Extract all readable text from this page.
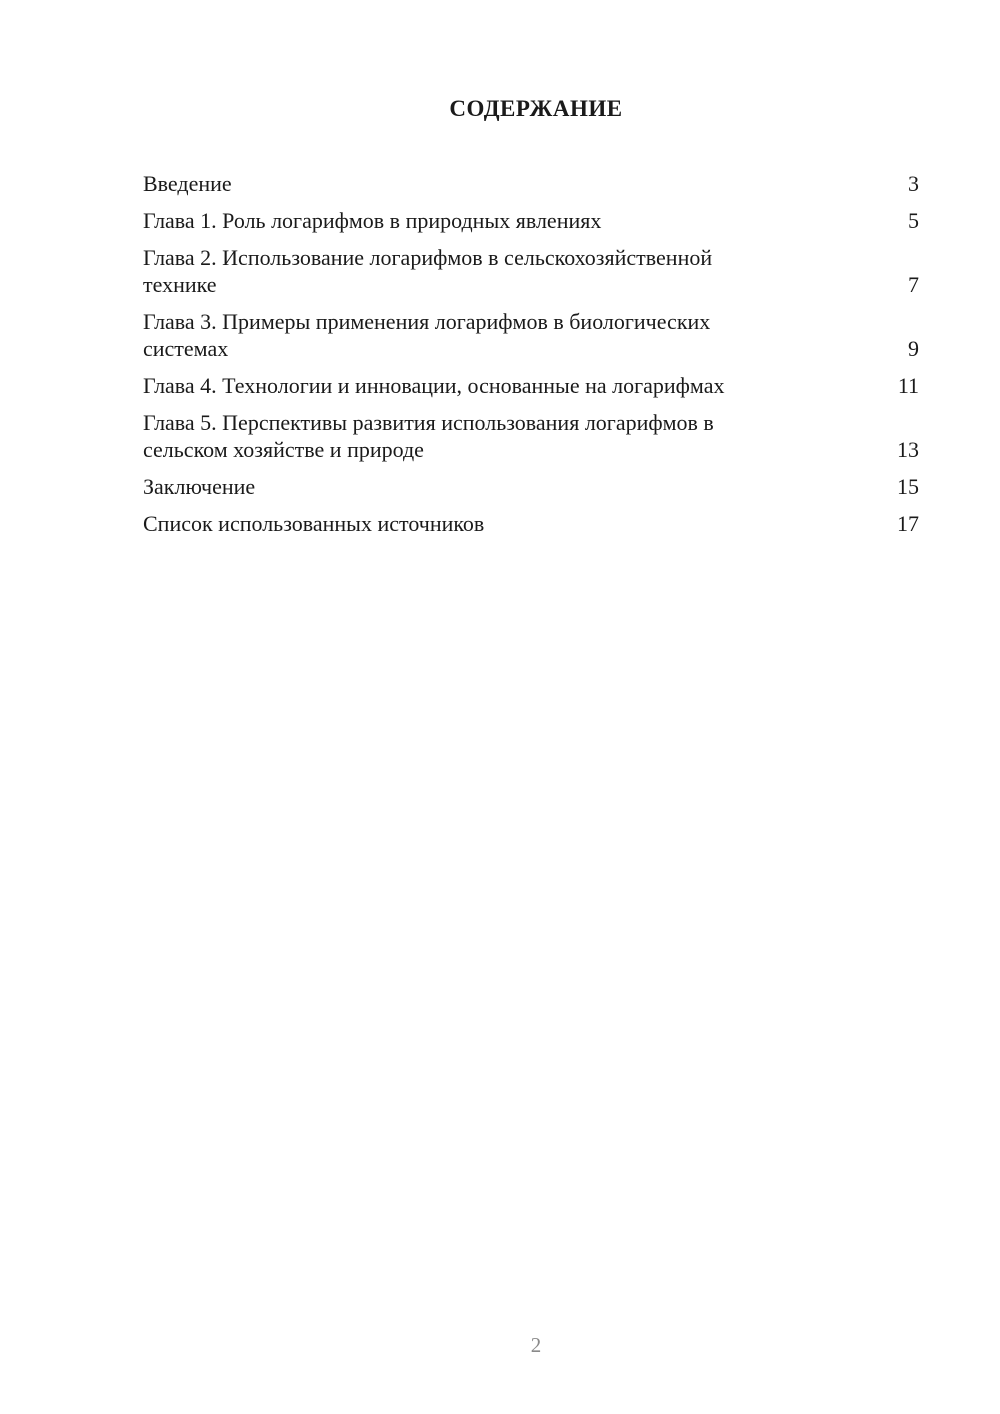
СОДЕРЖАНИЕ
Введение	3
Глава 1. Роль логарифмов в природных явлениях	5
Глава 2. Использование логарифмов в сельскохозяйственной
технике	7
Глава 3. Примеры применения логарифмов в биологических
системах	9
Глава 4. Технологии и инновации, основанные на логарифмах	11
Глава 5. Перспективы развития использования логарифмов в
сельском хозяйстве и природе	13
Заключение	15
Список использованных источников	17
2
